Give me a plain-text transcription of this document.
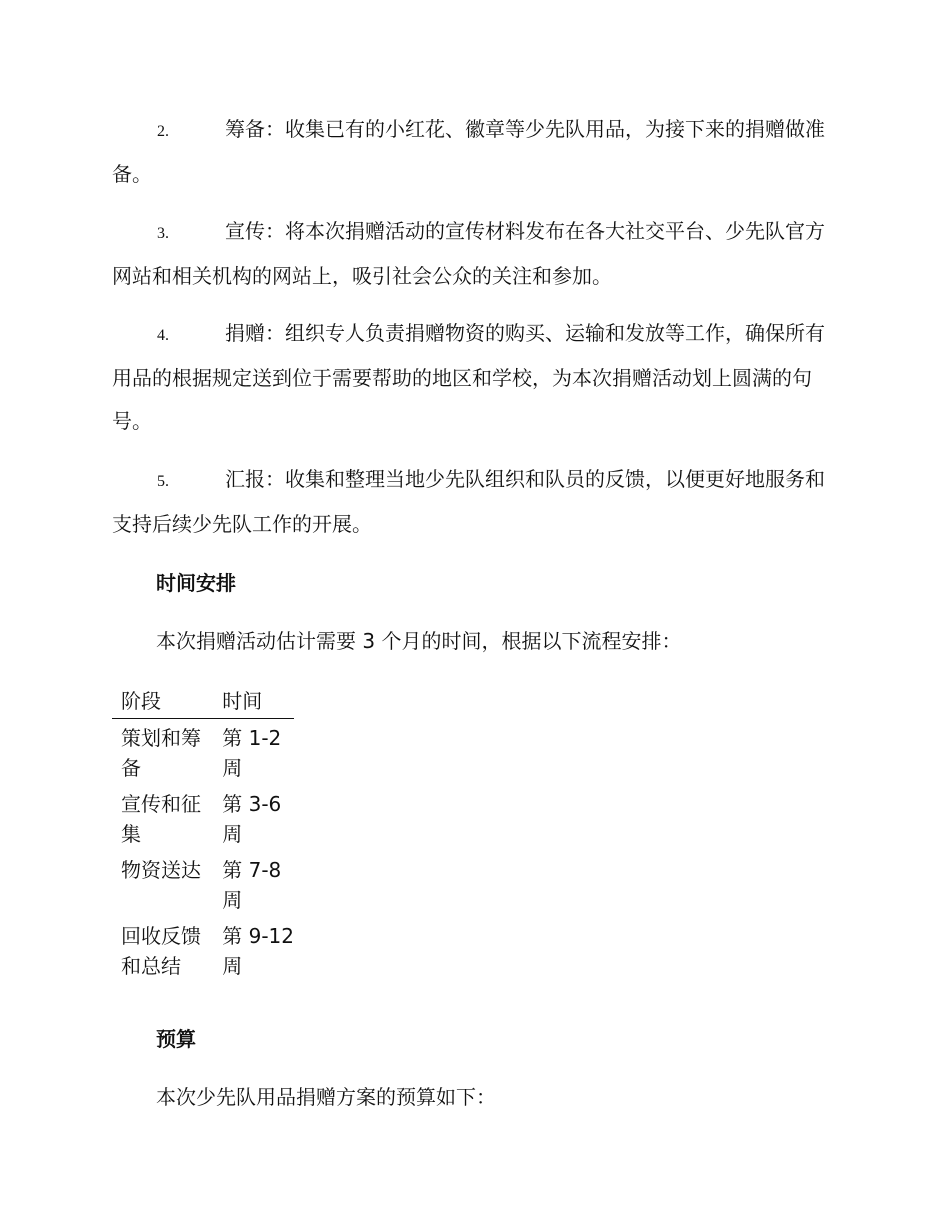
2.	筹备：收集已有的小红花、徽章等少先队用品，为接下来的捐赠做准备。

3.	宣传：将本次捐赠活动的宣传材料发布在各大社交平台、少先队官方网站和相关机构的网站上，吸引社会公众的关注和参加。

4.	捐赠：组织专人负责捐赠物资的购买、运输和发放等工作，确保所有用品的根据规定送到位于需要帮助的地区和学校，为本次捐赠活动划上圆满的句号。

5.	汇报：收集和整理当地少先队组织和队员的反馈，以便更好地服务和支持后续少先队工作的开展。

时间安排

本次捐赠活动估计需要 3 个月的时间，根据以下流程安排：

阶段	时间
策划和筹备	第 1-2 周
宣传和征集	第 3-6 周
物资送达	第 7-8 周
回收反馈和总结	第 9-12 周
预算

本次少先队用品捐赠方案的预算如下：
